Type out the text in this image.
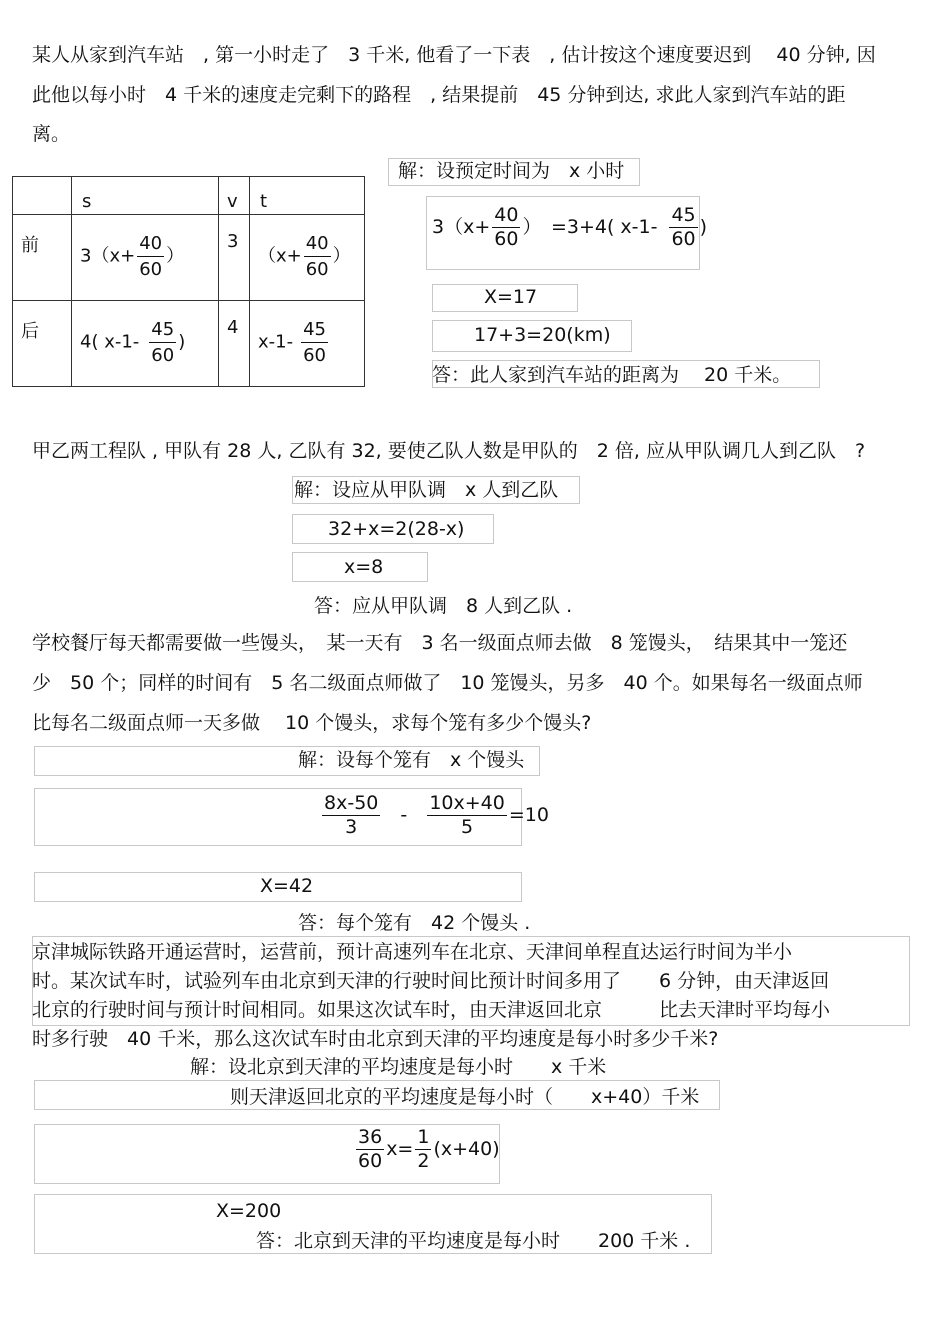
某人从家到汽车站　, 第一小时走了　3 千米, 他看了一下表　, 估计按这个速度要迟到　 40 分钟, 因
此他以每小时　4 千米的速度走完剩下的路程　, 结果提前　45 分钟到达, 求此人家到汽车站的距
离。

	s	v	t

前	$3(x+ \frac{40}{60}$ ）	3	（$x+ \frac{40}{60}$ ）

后	4( $x-1- \frac{45}{60}$ )	4	$x-1- \frac{45}{60}$
解：设预定时间为　x 小时
$3(x+ \frac{40}{60}$ ）　=3+4( $x-1- \frac{45}{60}$ )
X=17
17+3=20(km)
答：此人家到汽车站的距离为　 20 千米。
甲乙两工程队 , 甲队有 28 人, 乙队有 32, 要使乙队人数是甲队的　2 倍, 应从甲队调几人到乙队　?
解：设应从甲队调　x 人到乙队
32+x=2(28-x)
x=8
答：应从甲队调　8 人到乙队 .
学校餐厅每天都需要做一些馒头，　某一天有　3 名一级面点师去做　8 笼馒头，　结果其中一笼还
少　50 个；同样的时间有　5 名二级面点师做了　10 笼馒头，另多　40 个。如果每名一级面点师
比每名二级面点师一天多做　 10 个馒头，求每个笼有多少个馒头?
解：设每个笼有　x 个馒头
$\frac{8x-50}{3} - \frac{10x+40}{5} =10$
X=42
答：每个笼有　42 个馒头 .
京津城际铁路开通运营时，运营前，预计高速列车在北京、天津间单程直达运行时间为半小
时。某次试车时，试验列车由北京到天津的行驶时间比预计时间多用了　　6 分钟，由天津返回
北京的行驶时间与预计时间相同。如果这次试车时，由天津返回北京　　　比去天津时平均每小
时多行驶　40 千米，那么这次试车时由北京到天津的平均速度是每小时多少千米?
解：设北京到天津的平均速度是每小时　　x 千米
则天津返回北京的平均速度是每小时（　　x+40）千米
$\frac{36}{60} x= \frac{1}{2} (x+40)$
X=200
答：北京到天津的平均速度是每小时　　200 千米 .
